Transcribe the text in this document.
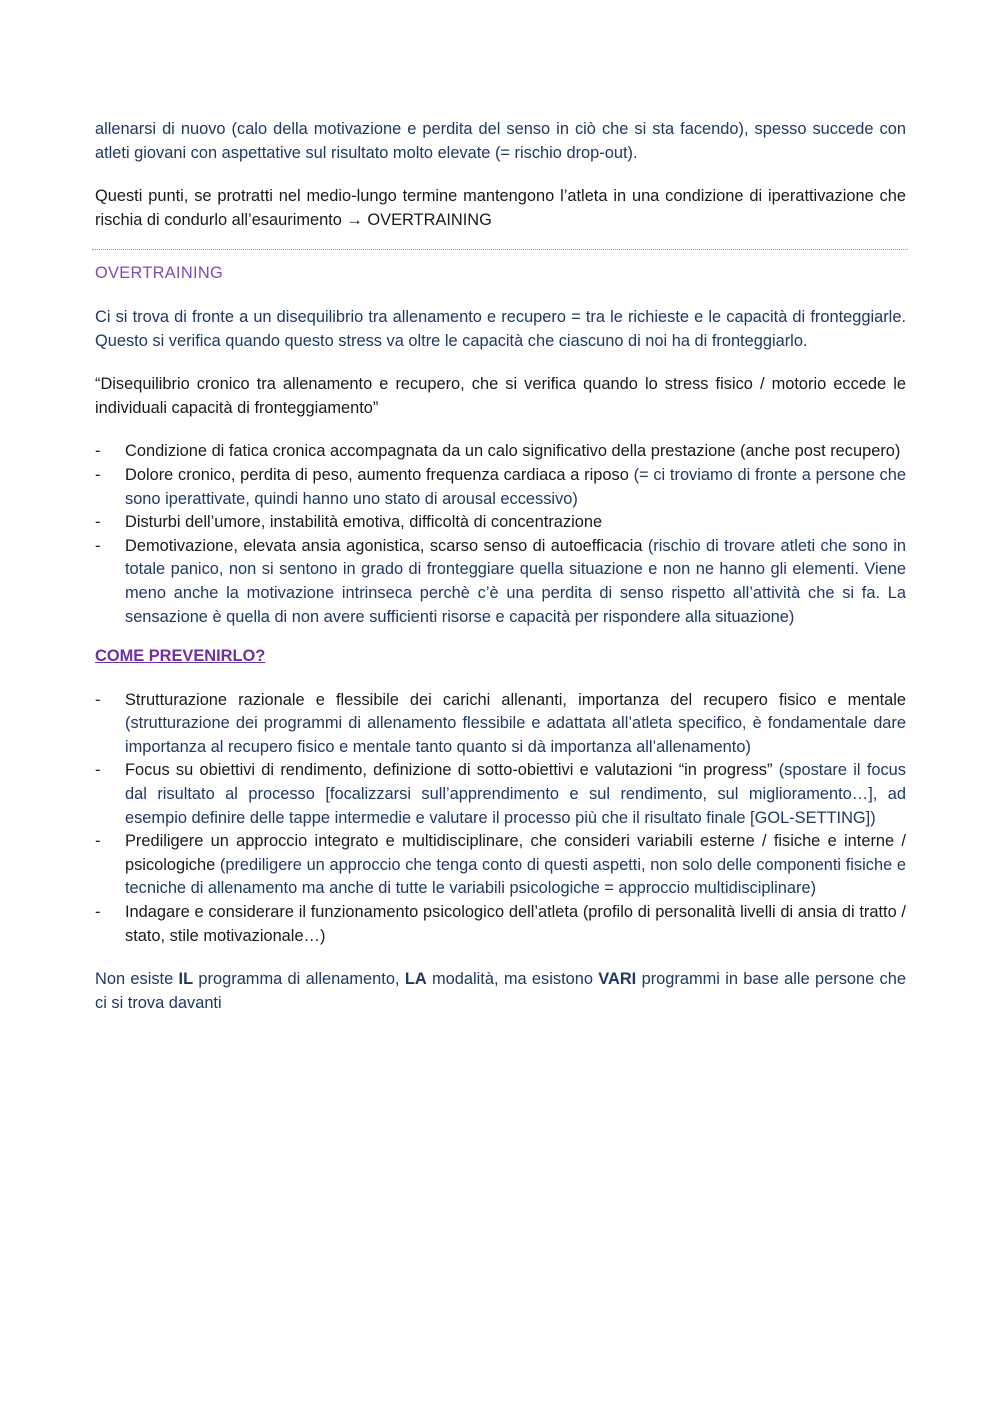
allenarsi di nuovo (calo della motivazione e perdita del senso in ciò che si sta facendo), spesso succede con atleti giovani con aspettative sul risultato molto elevate (= rischio drop-out).

Questi punti, se protratti nel medio-lungo termine mantengono l’atleta in una condizione di iperattivazione che rischia di condurlo all’esaurimento → OVERTRAINING

OVERTRAINING

Ci si trova di fronte a un disequilibrio tra allenamento e recupero = tra le richieste e le capacità di fronteggiarle. Questo si verifica quando questo stress va oltre le capacità che ciascuno di noi ha di fronteggiarlo.

“Disequilibrio cronico tra allenamento e recupero, che si verifica quando lo stress fisico / motorio eccede le individuali capacità di fronteggiamento”

- Condizione di fatica cronica accompagnata da un calo significativo della prestazione (anche post recupero)
- Dolore cronico, perdita di peso, aumento frequenza cardiaca a riposo (= ci troviamo di fronte a persone che sono iperattivate, quindi hanno uno stato di arousal eccessivo)
- Disturbi dell’umore, instabilità emotiva, difficoltà di concentrazione
- Demotivazione, elevata ansia agonistica, scarso senso di autoefficacia (rischio di trovare atleti che sono in totale panico, non si sentono in grado di fronteggiare quella situazione e non ne hanno gli elementi. Viene meno anche la motivazione intrinseca perchè c’è una perdita di senso rispetto all’attività che si fa. La sensazione è quella di non avere sufficienti risorse e capacità per rispondere alla situazione)

COME PREVENIRLO?

- Strutturazione razionale e flessibile dei carichi allenanti, importanza del recupero fisico e mentale (strutturazione dei programmi di allenamento flessibile e adattata all’atleta specifico, è fondamentale dare importanza al recupero fisico e mentale tanto quanto si dà importanza all’allenamento)
- Focus su obiettivi di rendimento, definizione di sotto-obiettivi e valutazioni “in progress” (spostare il focus dal risultato al processo [focalizzarsi sull’apprendimento e sul rendimento, sul miglioramento…], ad esempio definire delle tappe intermedie e valutare il processo più che il risultato finale [GOL-SETTING])
- Prediligere un approccio integrato e multidisciplinare, che consideri variabili esterne / fisiche e interne / psicologiche (prediligere un approccio che tenga conto di questi aspetti, non solo delle componenti fisiche e tecniche di allenamento ma anche di tutte le variabili psicologiche = approccio multidisciplinare)
- Indagare e considerare il funzionamento psicologico dell’atleta (profilo di personalità livelli di ansia di tratto / stato, stile motivazionale…)

Non esiste IL programma di allenamento, LA modalità, ma esistono VARI programmi in base alle persone che ci si trova davanti
